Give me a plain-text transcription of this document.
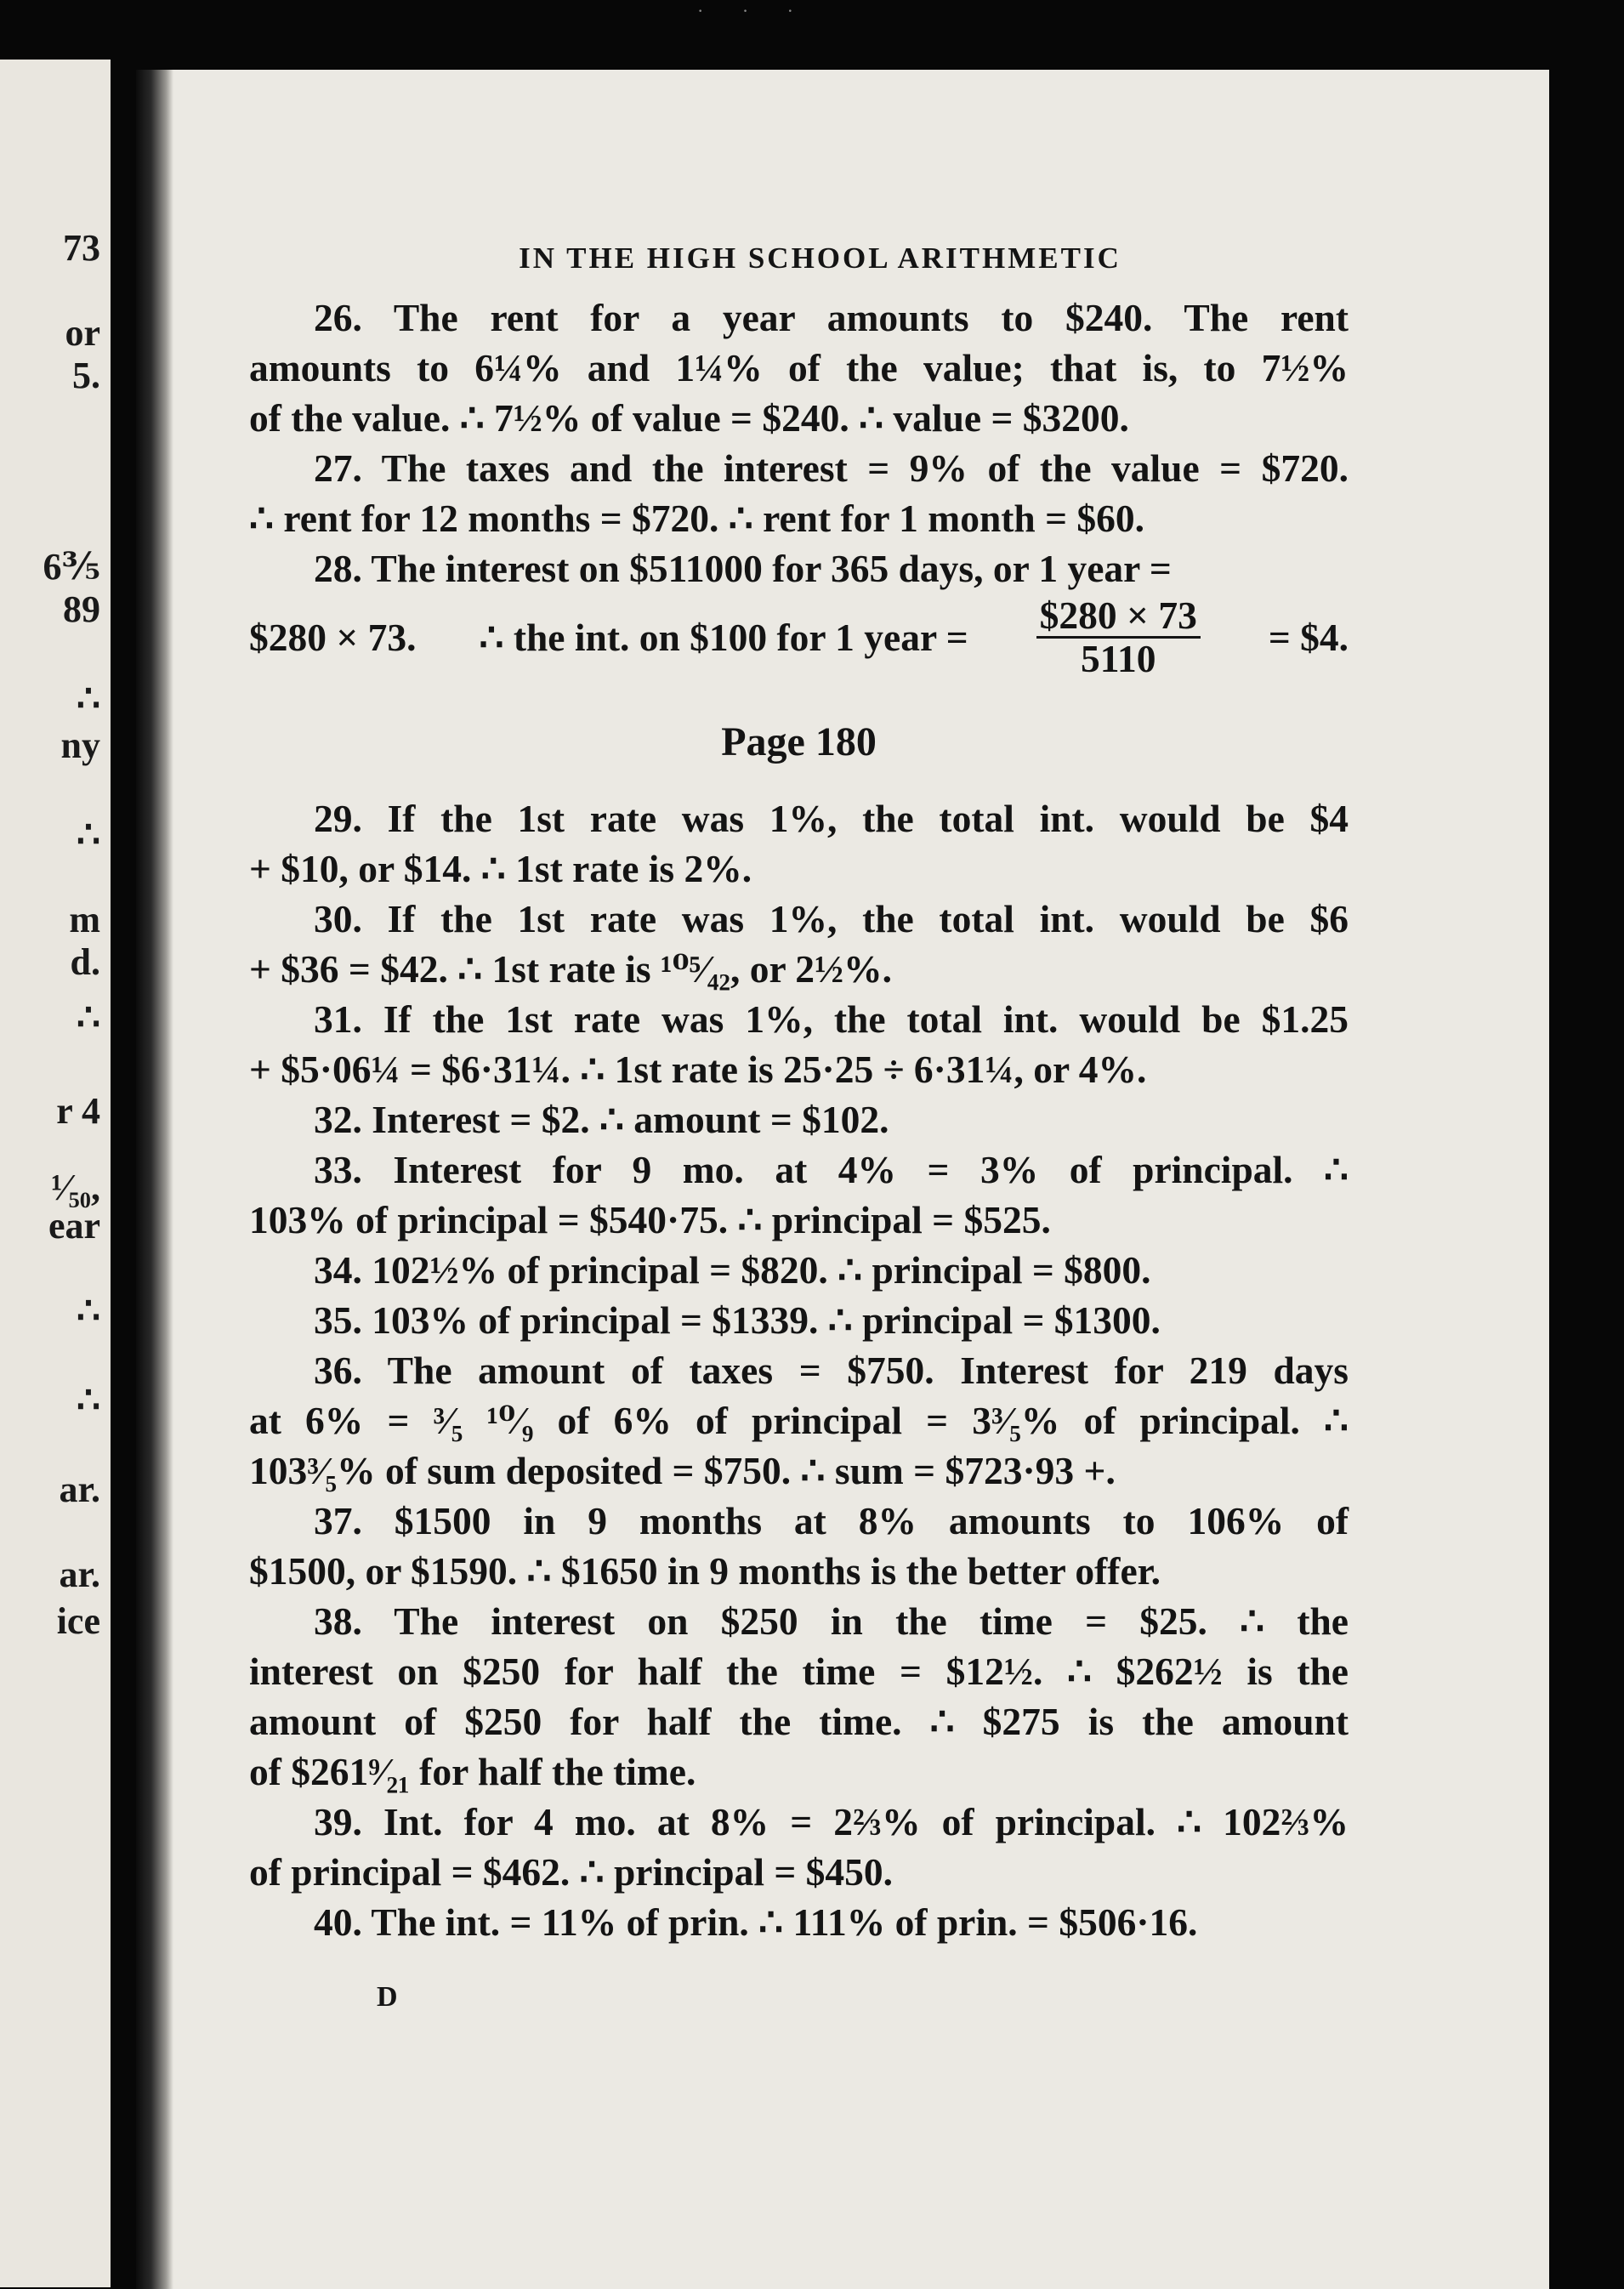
· · ·
73
or
5.
6⅗
89
∴
ny
∴
m
d.
∴
r 4
¹⁄₅₀,
ear
∴
∴
ar.
ar.
ice
IN THE HIGH SCHOOL ARITHMETIC
26. The rent for a year amounts to $240. The rent
amounts to 6¼% and 1¼% of the value; that is, to 7½%
of the value. ∴ 7½% of value = $240. ∴ value = $3200.
27. The taxes and the interest = 9% of the value = $720.
∴ rent for 12 months = $720. ∴ rent for 1 month = $60.
28. The interest on $511000 for 365 days, or 1 year =
$280 × 73. ∴ the int. on $100 for 1 year = $\frac{\$280 \times 73}{5110}$ = $4.
Page 180
29. If the 1st rate was 1%, the total int. would be $4
+ $10, or $14. ∴ 1st rate is 2%.
30. If the 1st rate was 1%, the total int. would be $6
+ $36 = $42. ∴ 1st rate is ¹⁰⁵⁄₄₂, or 2½%.
31. If the 1st rate was 1%, the total int. would be $1.25
+ $5·06¼ = $6·31¼. ∴ 1st rate is 25·25 ÷ 6·31¼, or 4%.
32. Interest = $2. ∴ amount = $102.
33. Interest for 9 mo. at 4% = 3% of principal. ∴
103% of principal = $540·75. ∴ principal = $525.
34. 102½% of principal = $820. ∴ principal = $800.
35. 103% of principal = $1339. ∴ principal = $1300.
36. The amount of taxes = $750. Interest for 219 days
at 6% = ³⁄₅ ¹⁰⁄₉ of 6% of principal = 3³⁄₅% of principal. ∴
103³⁄₅% of sum deposited = $750. ∴ sum = $723·93 +.
37. $1500 in 9 months at 8% amounts to 106% of
$1500, or $1590. ∴ $1650 in 9 months is the better offer.
38. The interest on $250 in the time = $25. ∴ the
interest on $250 for half the time = $12½. ∴ $262½ is the
amount of $250 for half the time. ∴ $275 is the amount
of $261⁹⁄₂₁ for half the time.
39. Int. for 4 mo. at 8% = 2⅔% of principal. ∴ 102⅔%
of principal = $462. ∴ principal = $450.
40. The int. = 11% of prin. ∴ 111% of prin. = $506·16.
D
